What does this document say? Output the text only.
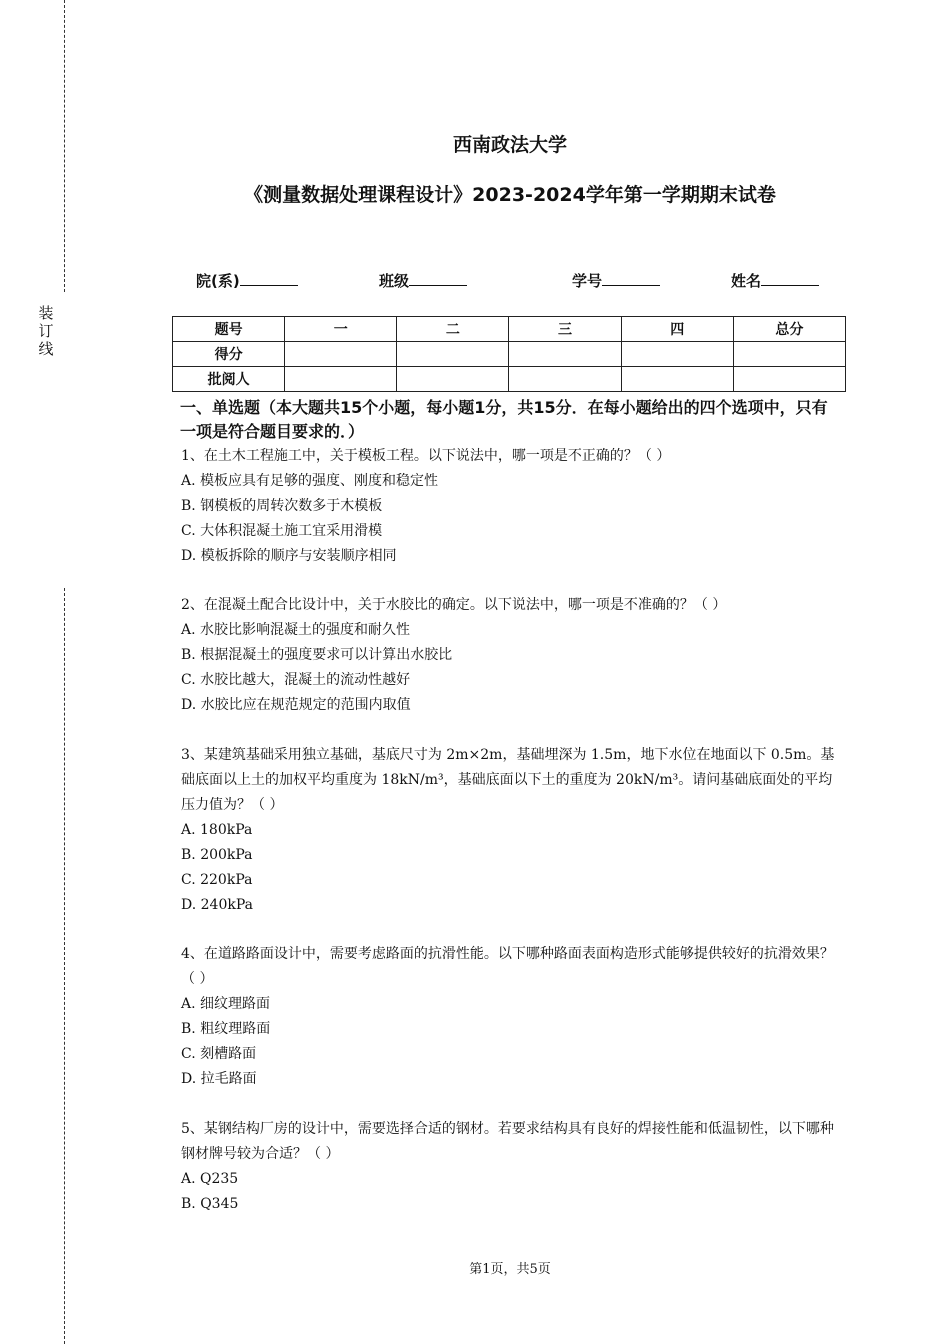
装
订
线
西南政法大学
《测量数据处理课程设计》2023-2024学年第一学期期末试卷
院(系)	班级	学号	姓名
题号	一	二	三	四	总分
得分					
批阅人					
一、单选题（本大题共15个小题，每小题1分，共15分．在每小题给出的四个选项中，只有一项是符合题目要求的．）

1、在土木工程施工中，关于模板工程。以下说法中，哪一项是不正确的？（ ）

A. 模板应具有足够的强度、刚度和稳定性

B. 钢模板的周转次数多于木模板

C. 大体积混凝土施工宜采用滑模

D. 模板拆除的顺序与安装顺序相同

2、在混凝土配合比设计中，关于水胶比的确定。以下说法中，哪一项是不准确的？（ ）

A. 水胶比影响混凝土的强度和耐久性

B. 根据混凝土的强度要求可以计算出水胶比

C. 水胶比越大，混凝土的流动性越好

D. 水胶比应在规范规定的范围内取值

3、某建筑基础采用独立基础，基底尺寸为 2m×2m，基础埋深为 1.5m，地下水位在地面以下 0.5m。基础底面以上土的加权平均重度为 18kN/m³，基础底面以下土的重度为 20kN/m³。请问基础底面处的平均压力值为？（ ）

A. 180kPa

B. 200kPa

C. 220kPa

D. 240kPa

4、在道路路面设计中，需要考虑路面的抗滑性能。以下哪种路面表面构造形式能够提供较好的抗滑效果？（ ）

A. 细纹理路面

B. 粗纹理路面

C. 刻槽路面

D. 拉毛路面

5、某钢结构厂房的设计中，需要选择合适的钢材。若要求结构具有良好的焊接性能和低温韧性，以下哪种钢材牌号较为合适？（ ）

A. Q235

B. Q345

第1页，共5页
